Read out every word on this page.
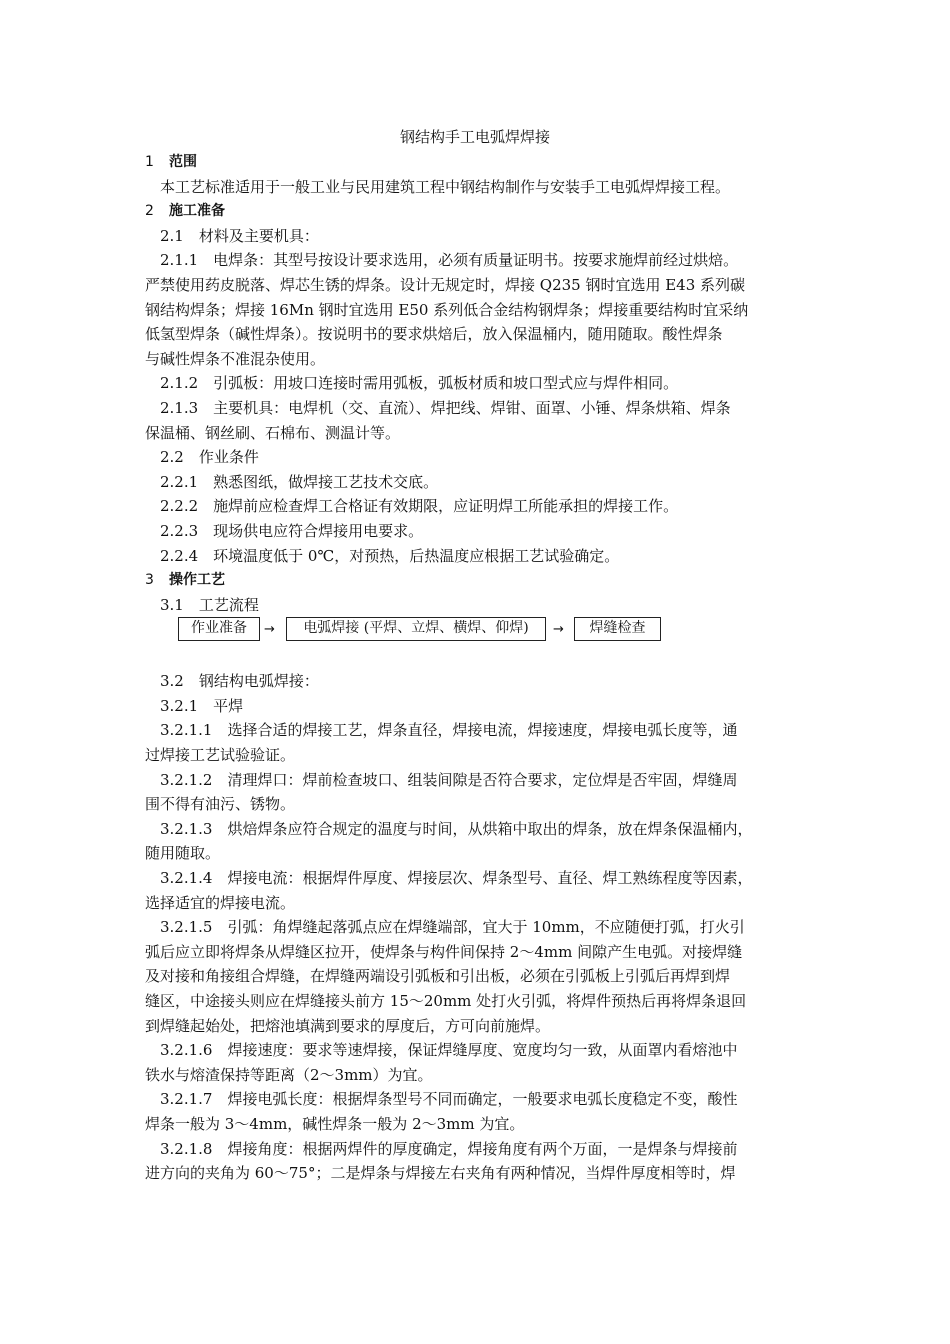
钢结构手工电弧焊焊接
1 范围
本工艺标准适用于一般工业与民用建筑工程中钢结构制作与安装手工电弧焊焊接工程。
2 施工准备
2.1　材料及主要机具：
2.1.1　电焊条：其型号按设计要求选用，必须有质量证明书。按要求施焊前经过烘焙。
严禁使用药皮脱落、焊芯生锈的焊条。设计无规定时，焊接 Q235 钢时宜选用 E43 系列碳
钢结构焊条；焊接 16Mn 钢时宜选用 E50 系列低合金结构钢焊条；焊接重要结构时宜采纳
低氢型焊条（碱性焊条）。按说明书的要求烘焙后，放入保温桶内，随用随取。酸性焊条
与碱性焊条不准混杂使用。
2.1.2　引弧板：用坡口连接时需用弧板，弧板材质和坡口型式应与焊件相同。
2.1.3　主要机具：电焊机（交、直流）、焊把线、焊钳、面罩、小锤、焊条烘箱、焊条
保温桶、钢丝刷、石棉布、测温计等。
2.2　作业条件
2.2.1　熟悉图纸，做焊接工艺技术交底。
2.2.2　施焊前应检查焊工合格证有效期限，应证明焊工所能承担的焊接工作。
2.2.3　现场供电应符合焊接用电要求。
2.2.4　环境温度低于 0℃，对预热，后热温度应根据工艺试验确定。
3 操作工艺
3.1　工艺流程
作业准备	→	电弧焊接 (平焊、立焊、横焊、仰焊)	→	焊缝检查
3.2　钢结构电弧焊接：
3.2.1　平焊
3.2.1.1　选择合适的焊接工艺，焊条直径，焊接电流，焊接速度，焊接电弧长度等，通
过焊接工艺试验验证。
3.2.1.2　清理焊口：焊前检查坡口、组装间隙是否符合要求，定位焊是否牢固，焊缝周
围不得有油污、锈物。
3.2.1.3　烘焙焊条应符合规定的温度与时间，从烘箱中取出的焊条，放在焊条保温桶内，
随用随取。
3.2.1.4　焊接电流：根据焊件厚度、焊接层次、焊条型号、直径、焊工熟练程度等因素，
选择适宜的焊接电流。
3.2.1.5　引弧：角焊缝起落弧点应在焊缝端部，宜大于 10mm，不应随便打弧，打火引
弧后应立即将焊条从焊缝区拉开，使焊条与构件间保持 2～4mm 间隙产生电弧。对接焊缝
及对接和角接组合焊缝，在焊缝两端设引弧板和引出板，必须在引弧板上引弧后再焊到焊
缝区，中途接头则应在焊缝接头前方 15～20mm 处打火引弧，将焊件预热后再将焊条退回
到焊缝起始处，把熔池填满到要求的厚度后，方可向前施焊。
3.2.1.6　焊接速度：要求等速焊接，保证焊缝厚度、宽度均匀一致，从面罩内看熔池中
铁水与熔渣保持等距离（2～3mm）为宜。
3.2.1.7　焊接电弧长度：根据焊条型号不同而确定，一般要求电弧长度稳定不变，酸性
焊条一般为 3～4mm，碱性焊条一般为 2～3mm 为宜。
3.2.1.8　焊接角度：根据两焊件的厚度确定，焊接角度有两个万面，一是焊条与焊接前
进方向的夹角为 60～75°；二是焊条与焊接左右夹角有两种情况，当焊件厚度相等时，焊
